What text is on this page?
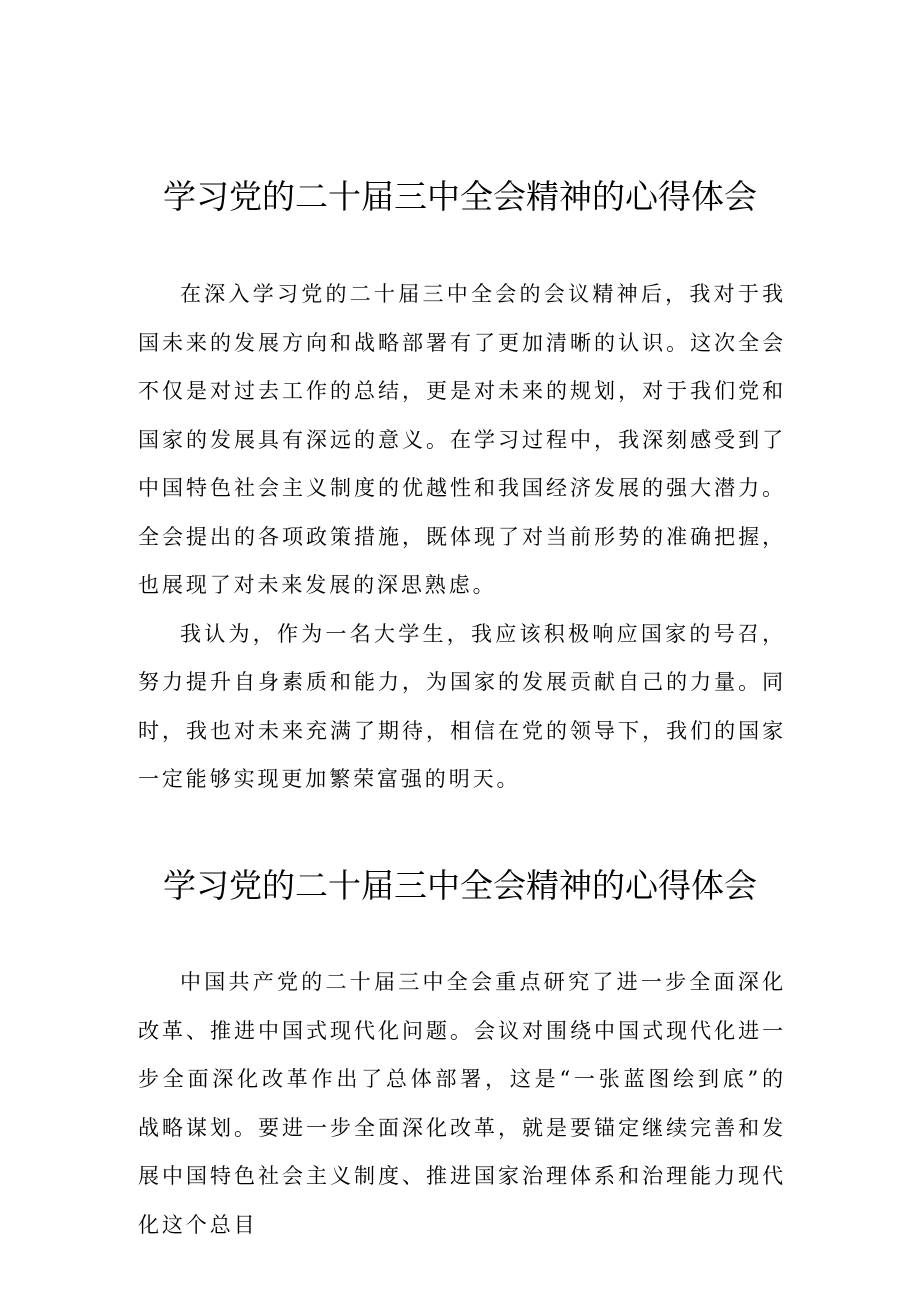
学习党的二十届三中全会精神的心得体会

在深入学习党的二十届三中全会的会议精神后，我对于我国未来的发展方向和战略部署有了更加清晰的认识。这次全会不仅是对过去工作的总结，更是对未来的规划，对于我们党和国家的发展具有深远的意义。在学习过程中，我深刻感受到了中国特色社会主义制度的优越性和我国经济发展的强大潜力。全会提出的各项政策措施，既体现了对当前形势的准确把握，也展现了对未来发展的深思熟虑。

我认为，作为一名大学生，我应该积极响应国家的号召，努力提升自身素质和能力，为国家的发展贡献自己的力量。同时，我也对未来充满了期待，相信在党的领导下，我们的国家一定能够实现更加繁荣富强的明天。

学习党的二十届三中全会精神的心得体会

中国共产党的二十届三中全会重点研究了进一步全面深化改革、推进中国式现代化问题。会议对围绕中国式现代化进一步全面深化改革作出了总体部署，这是“一张蓝图绘到底”的战略谋划。要进一步全面深化改革，就是要锚定继续完善和发展中国特色社会主义制度、推进国家治理体系和治理能力现代化这个总目
